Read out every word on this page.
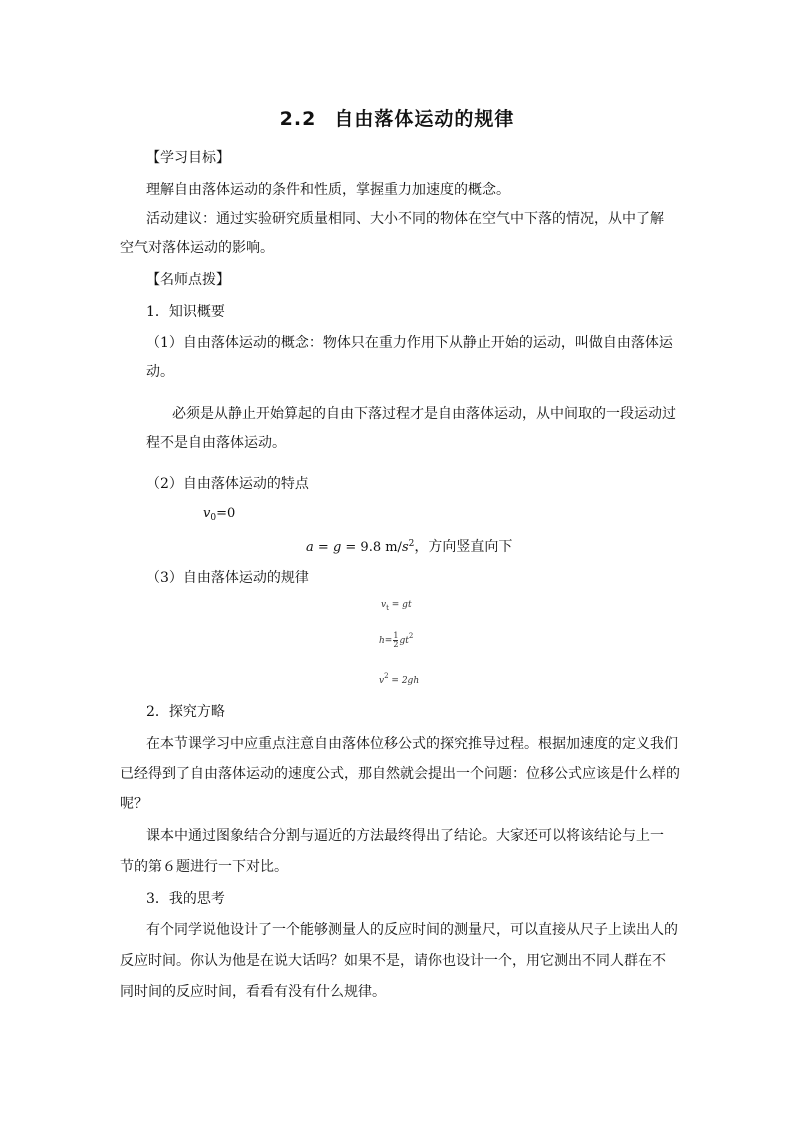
2.2 自由落体运动的规律
【学习目标】
理解自由落体运动的条件和性质，掌握重力加速度的概念。
活动建议：通过实验研究质量相同、大小不同的物体在空气中下落的情况，从中了解
空气对落体运动的影响。
【名师点拨】
1．知识概要
（1）自由落体运动的概念：物体只在重力作用下从静止开始的运动，叫做自由落体运
动。
必须是从静止开始算起的自由下落过程才是自由落体运动，从中间取的一段运动过
程不是自由落体运动。
（2）自由落体运动的特点
$v_0=0$
a = g = 9.8 $m/s^2$，方向竖直向下
（3）自由落体运动的规律
$v_t$ = gt
$h= \frac{1}{2} gt^2$
$v^2 = 2gh$
2．探究方略
在本节课学习中应重点注意自由落体位移公式的探究推导过程。根据加速度的定义我们
已经得到了自由落体运动的速度公式，那自然就会提出一个问题：位移公式应该是什么样的
呢？
课本中通过图象结合分割与逼近的方法最终得出了结论。大家还可以将该结论与上一
节的第６题进行一下对比。
3．我的思考
有个同学说他设计了一个能够测量人的反应时间的测量尺，可以直接从尺子上读出人的
反应时间。你认为他是在说大话吗？如果不是，请你也设计一个，用它测出不同人群在不
同时间的反应时间，看看有没有什么规律。
